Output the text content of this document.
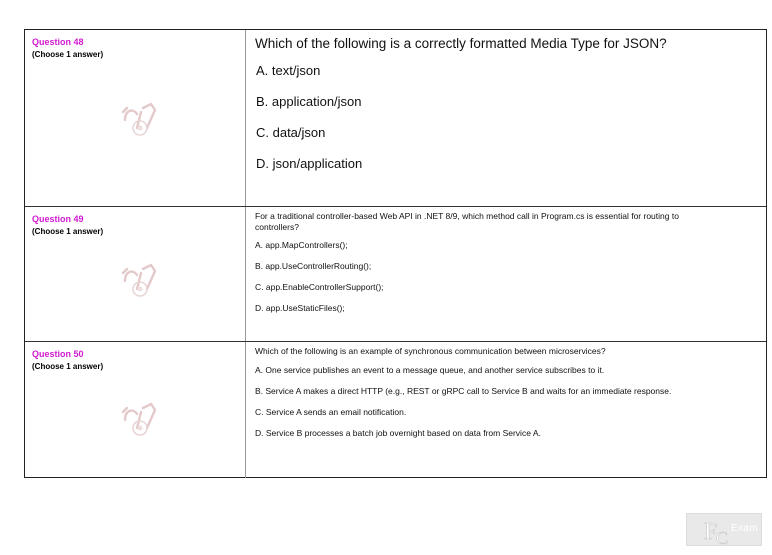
Question 48
(Choose 1 answer)
Which of the following is a correctly formatted Media Type for JSON?
A. text/json
B. application/json
C. data/json
D. json/application
Question 49
(Choose 1 answer)
For a traditional controller-based Web API in .NET 8/9, which method call in Program.cs is essential for routing to controllers?
A. app.MapControllers();
B. app.UseControllerRouting();
C. app.EnableControllerSupport();
D. app.UseStaticFiles();
Question 50
(Choose 1 answer)
Which of the following is an example of synchronous communication between microservices?
A. One service publishes an event to a message queue, and another service subscribes to it.
B. Service A makes a direct HTTP (e.g., REST or gRPC call to Service B and waits for an immediate response.
C. Service A sends an email notification.
D. Service B processes a batch job overnight based on data from Service A.
F
C Exam
